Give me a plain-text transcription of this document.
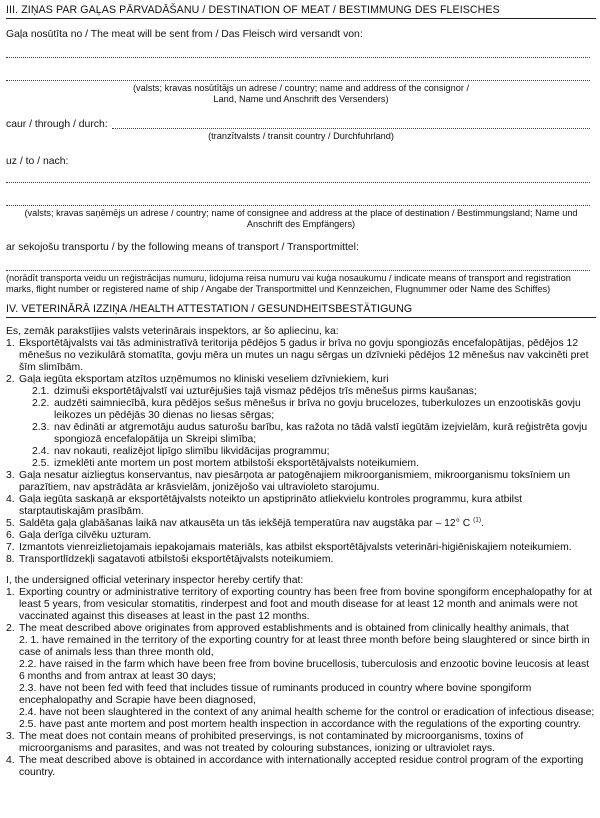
III. ZIŅAS PAR GAĻAS PĀRVADĀŠANU / DESTINATION OF MEAT / BESTIMMUNG DES FLEISCHES
Gaļa nosūtīta no / The meat will be sent from / Das Fleisch wird versandt von:
(valsts; kravas nosūtītājs un adrese / country; name and address of the consignor /
Land, Name und Anschrift des Versenders)
caur / through / durch:
(tranzītvalsts / transit country / Durchfuhrland)
uz / to / nach:
(valsts; kravas saņēmējs un adrese / country; name of consignee and address at the place of destination / Bestimmungsland; Name und
Anschrift des Empfängers)
ar sekojošu transportu / by the following means of transport / Transportmittel:
(norādīt transporta veidu un reģistrācijas numuru, lidojuma reisa numuru vai kuģa nosaukumu / indicate means of transport and registration marks, flight number or registered name of ship / Angabe der Transportmittel und Kennzeichen, Flugnummer oder Name des Schiffes)
IV. VETERINĀRĀ IZZIŅA /HEALTH ATTESTATION / GESUNDHEITSBESTÄTIGUNG
Es, zemāk parakstījies valsts veterinārais inspektors, ar šo apliecinu, ka:
1. Eksportētājvalsts vai tās administratīvā teritorija pēdējos 5 gadus ir brīva no govju spongiozās encefalopātijas, pēdējos 12 mēnešus no vezikulārā stomatīta, govju mēra un mutes un nagu sērgas un dzīvnieki pēdējos 12 mēnešus nav vakcinēti pret šīm slimībām.
2. Gaļa iegūta eksportam atzītos uzņēmumos no kliniski veseliem dzīvniekiem, kuri
2.1. dzimuši eksportētājvalstī vai uzturējušies tajā vismaz pēdējos trīs mēnešus pirms kaušanas;
2.2. audzēti saimniecībā, kura pēdējos sešus mēnešus ir brīva no govju brucelozes, tuberkulozes un enzootiskās govju leikozes un pēdējās 30 dienas no liesas sērgas;
2.3. nav ēdināti ar atgremotāju audus saturošu barību, kas ražota no tādā valstī iegūtām izejvielām, kurā reģistrēta govju spongiozā encefalopātija un Skreipi slimība;
2.4. nav nokauti, realizējot lipīgo slimību likvidācijas programmu;
2.5. izmeklēti ante mortem un post mortem atbilstoši eksportētājvalsts noteikumiem.
3. Gaļa nesatur aizliegtus konservantus, nav piesārņota ar patogēnajiem mikroorganismiem, mikroorganismu toksīniem un parazītiem, nav apstrādāta ar krāsvielām, jonizējošo vai ultravioleto starojumu.
4. Gaļa iegūta saskaņā ar eksportētājvalsts noteikto un apstiprināto atliekvielu kontroles programmu, kura atbilst starptautiskajām prasībām.
5. Saldēta gaļa glabāšanas laikā nav atkausēta un tās iekšējā temperatūra nav augstāka par – 12° C $^{(1)}$.
6. Gaļa derīga cilvēku uzturam.
7. Izmantots vienreizlietojamais iepakojamais materiāls, kas atbilst eksportētājvalsts veterināri-higiēniskajiem noteikumiem.
8. Transportlīdzekļi sagatavoti atbilstoši eksportētājvalsts noteikumiem.
I, the undersigned official veterinary inspector hereby certify that:
1. Exporting country or administrative territory of exporting country has been free from bovine spongiform encephalopathy for at least 5 years, from vesicular stomatitis, rinderpest and foot and mouth disease for at least 12 month and animals were not vaccinated against this diseases at least in the past 12 months.
2. The meat described above originates from approved establishments and is obtained from clinically healthy animals, that
2. 1. have remained in the territory of the exporting country for at least three month before being slaughtered or since birth in case of animals less than three month old,
2.2. have raised in the farm which have been free from bovine brucellosis, tuberculosis and enzootic bovine leucosis at least 6 months and from antrax at least 30 days;
2.3. have not been fed with feed that includes tissue of ruminants produced in country where bovine spongiform encephalopathy and Scrapie have been diagnosed,
2.4. have not been slaughtered in the context of any animal health scheme for the control or eradication of infectious disease;
2.5. have past ante mortem and post mortem health inspection in accordance with the regulations of the exporting country.
3. The meat does not contain means of prohibited preservings, is not contaminated by microorganisms, toxins of microorganisms and parasites, and was not treated by colouring substances, ionizing or ultraviolet rays.
4. The meat described above is obtained in accordance with internationally accepted residue control program of the exporting country.
